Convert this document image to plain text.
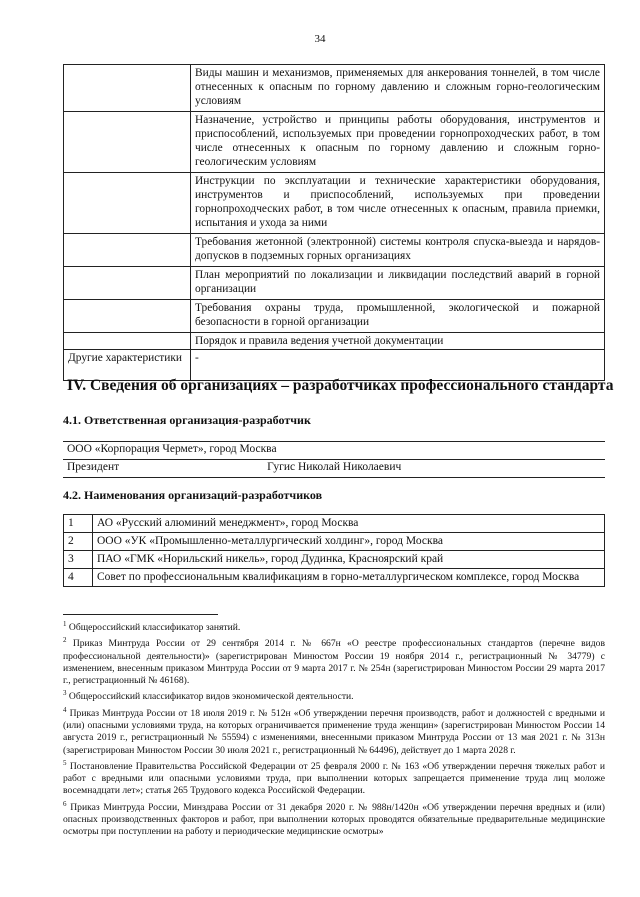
34
	Виды машин и механизмов, применяемых для анкерования тоннелей, в том числе отнесенных к опасным по горному давлению и сложным горно-геологическим условиям
	Назначение, устройство и принципы работы оборудования, инструментов и приспособлений, используемых при проведении горнопроходческих работ, в том числе отнесенных к опасным по горному давлению и сложным горно-геологическим условиям
	Инструкции по эксплуатации и технические характеристики оборудования, инструментов и приспособлений, используемых при проведении горнопроходческих работ, в том числе отнесенных к опасным, правила приемки, испытания и ухода за ними
	Требования жетонной (электронной) системы контроля спуска-выезда и нарядов-допусков в подземных горных организациях
	План мероприятий по локализации и ликвидации последствий аварий в горной организации
	Требования охраны труда, промышленной, экологической и пожарной безопасности в горной организации
	Порядок и правила ведения учетной документации
Другие характеристики	-
IV. Сведения об организациях – разработчиках профессионального стандарта
4.1. Ответственная организация-разработчик
ООО «Корпорация Чермет», город Москва
Президент	Гугис Николай Николаевич
4.2. Наименования организаций-разработчиков
1	АО «Русский алюминий менеджмент», город Москва
2	ООО «УК «Промышленно-металлургический холдинг», город Москва
3	ПАО «ГМК «Норильский никель», город Дудинка, Красноярский край
4	Совет по профессиональным квалификациям в горно-металлургическом комплексе, город Москва

$^1$ Общероссийский классификатор занятий.

$^2$ Приказ Минтруда России от 29 сентября 2014 г. № 667н «О реестре профессиональных стандартов (перечне видов профессиональной деятельности)» (зарегистрирован Минюстом России 19 ноября 2014 г., регистрационный № 34779) с изменением, внесенным приказом Минтруда России от 9 марта 2017 г. № 254н (зарегистрирован Минюстом России 29 марта 2017 г., регистрационный № 46168).

$^3$ Общероссийский классификатор видов экономической деятельности.

$^4$ Приказ Минтруда России от 18 июля 2019 г. № 512н «Об утверждении перечня производств, работ и должностей с вредными и (или) опасными условиями труда, на которых ограничивается применение труда женщин» (зарегистрирован Минюстом России 14 августа 2019 г., регистрационный № 55594) с изменениями, внесенными приказом Минтруда России от 13 мая 2021 г. № 313н (зарегистрирован Минюстом России 30 июля 2021 г., регистрационный № 64496), действует до 1 марта 2028 г.

$^5$ Постановление Правительства Российской Федерации от 25 февраля 2000 г. № 163 «Об утверждении перечня тяжелых работ и работ с вредными или опасными условиями труда, при выполнении которых запрещается применение труда лиц моложе восемнадцати лет»; статья 265 Трудового кодекса Российской Федерации.

$^6$ Приказ Минтруда России, Минздрава России от 31 декабря 2020 г. № 988н/1420н «Об утверждении перечня вредных и (или) опасных производственных факторов и работ, при выполнении которых проводятся обязательные предварительные медицинские осмотры при поступлении на работу и периодические медицинские осмотры»
